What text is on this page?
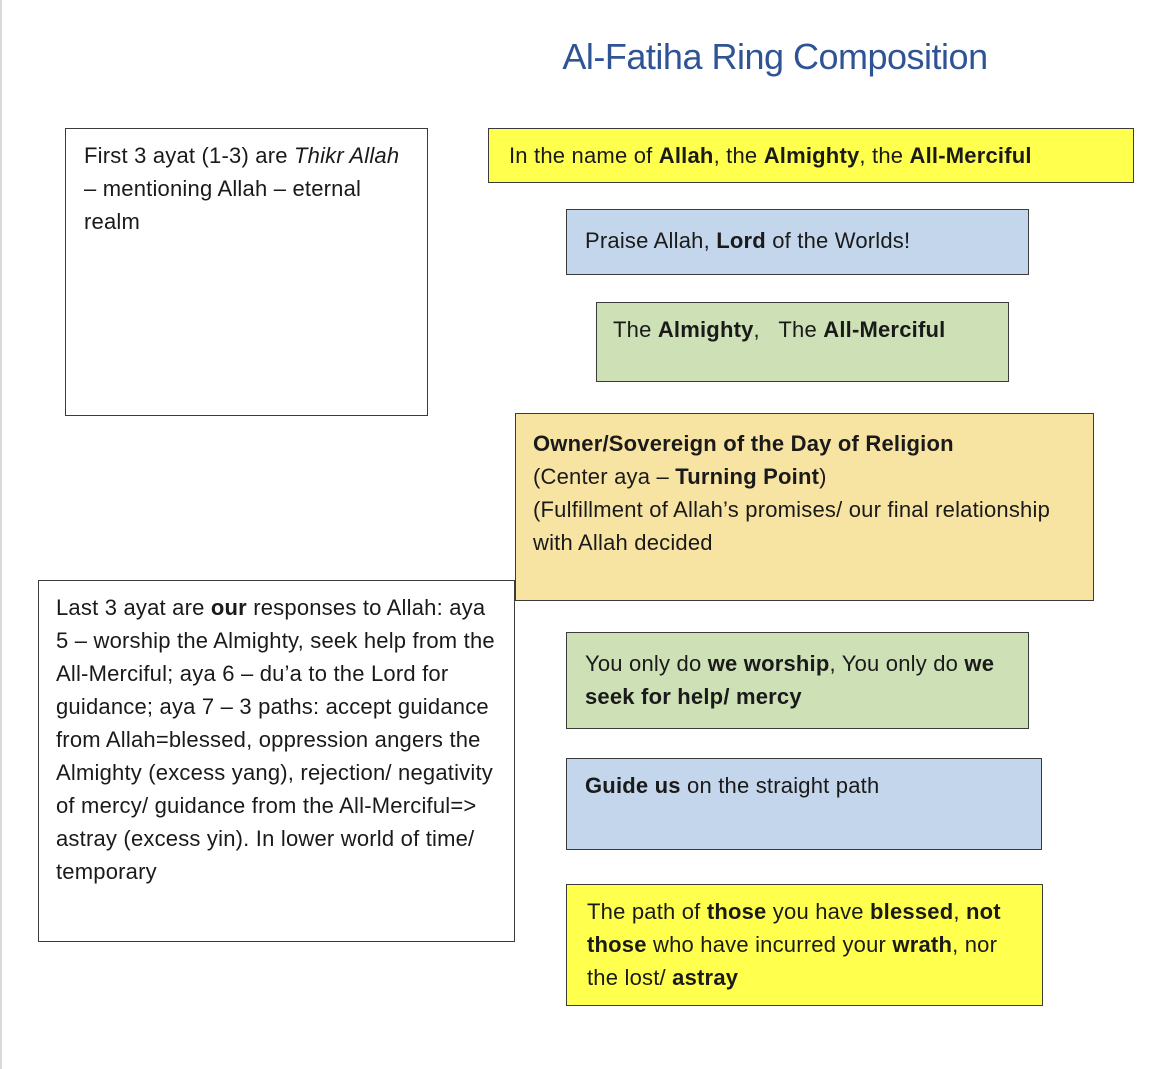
Al-Fatiha Ring Composition

First 3 ayat (1-3) are Thikr Allah – mentioning Allah – eternal realm

Last 3 ayat are our responses to Allah: aya 5 – worship the Almighty, seek help from the All-Merciful; aya 6 – du’a to the Lord for guidance; aya 7 – 3 paths: accept guidance from Allah=blessed, oppression angers the Almighty (excess yang), rejection/ negativity of mercy/ guidance from the All-Merciful=> astray (excess yin). In lower world of time/ temporary

In the name of Allah, the Almighty, the All-Merciful

Praise Allah, Lord of the Worlds!

The Almighty,   The All-Merciful

Owner/Sovereign of the Day of Religion

(Center aya – Turning Point)

(Fulfillment of Allah’s promises/ our final relationship with Allah decided

You only do we worship, You only do we seek for help/ mercy

Guide us on the straight path

The path of those you have blessed, not those who have incurred your wrath, nor the lost/ astray
